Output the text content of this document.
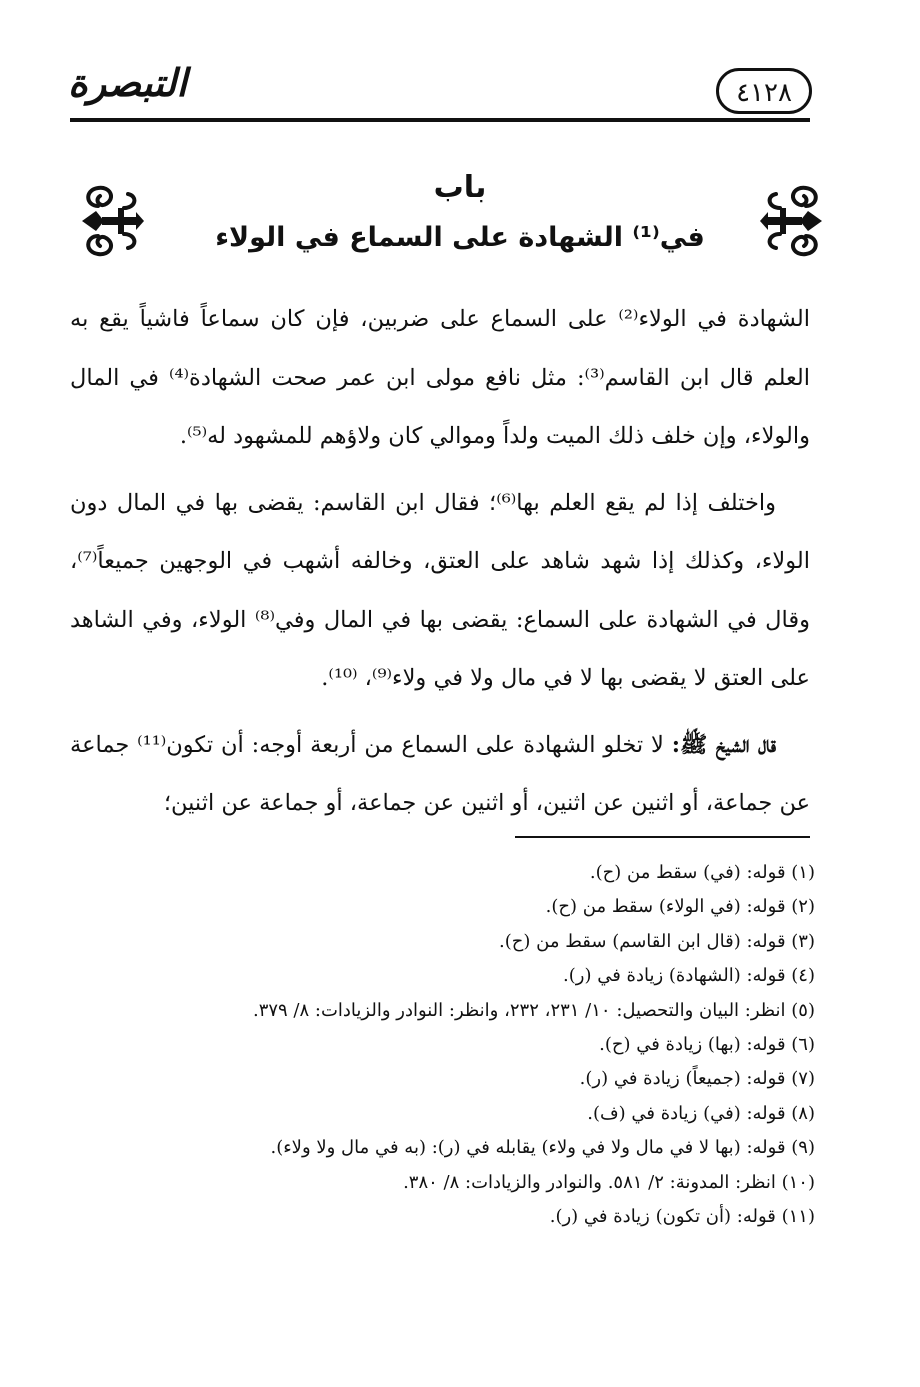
التبصرة	٤١٢٨
باب
في⁽¹⁾ الشهادة على السماع في الولاء

الشهادة في الولاء⁽²⁾ على السماع على ضربين، فإن كان سماعاً فاشياً يقع به العلم قال ابن القاسم⁽³⁾: مثل نافع مولى ابن عمر صحت الشهادة⁽⁴⁾ في المال والولاء، وإن خلف ذلك الميت ولداً وموالي كان ولاؤهم للمشهود له⁽⁵⁾.

واختلف إذا لم يقع العلم بها⁽⁶⁾؛ فقال ابن القاسم: يقضى بها في المال دون الولاء، وكذلك إذا شهد شاهد على العتق، وخالفه أشهب في الوجهين جميعاً⁽⁷⁾، وقال في الشهادة على السماع: يقضى بها في المال وفي⁽⁸⁾ الولاء، وفي الشاهد على العتق لا يقضى بها لا في مال ولا في ولاء⁽⁹⁾، ⁽¹⁰⁾.

قال الشيخ ﷺ: لا تخلو الشهادة على السماع من أربعة أوجه: أن تكون⁽¹¹⁾ جماعة عن جماعة، أو اثنين عن اثنين، أو اثنين عن جماعة، أو جماعة عن اثنين؛

(١) قوله: (في) سقط من (ح).
(٢) قوله: (في الولاء) سقط من (ح).
(٣) قوله: (قال ابن القاسم) سقط من (ح).
(٤) قوله: (الشهادة) زيادة في (ر).
(٥) انظر: البيان والتحصيل: ١٠/ ٢٣١، ٢٣٢، وانظر: النوادر والزيادات: ٨/ ٣٧٩.
(٦) قوله: (بها) زيادة في (ح).
(٧) قوله: (جميعاً) زيادة في (ر).
(٨) قوله: (في) زيادة في (ف).
(٩) قوله: (بها لا في مال ولا في ولاء) يقابله في (ر): (به في مال ولا ولاء).
(١٠) انظر: المدونة: ٢/ ٥٨١. والنوادر والزيادات: ٨/ ٣٨٠.
(١١) قوله: (أن تكون) زيادة في (ر).
